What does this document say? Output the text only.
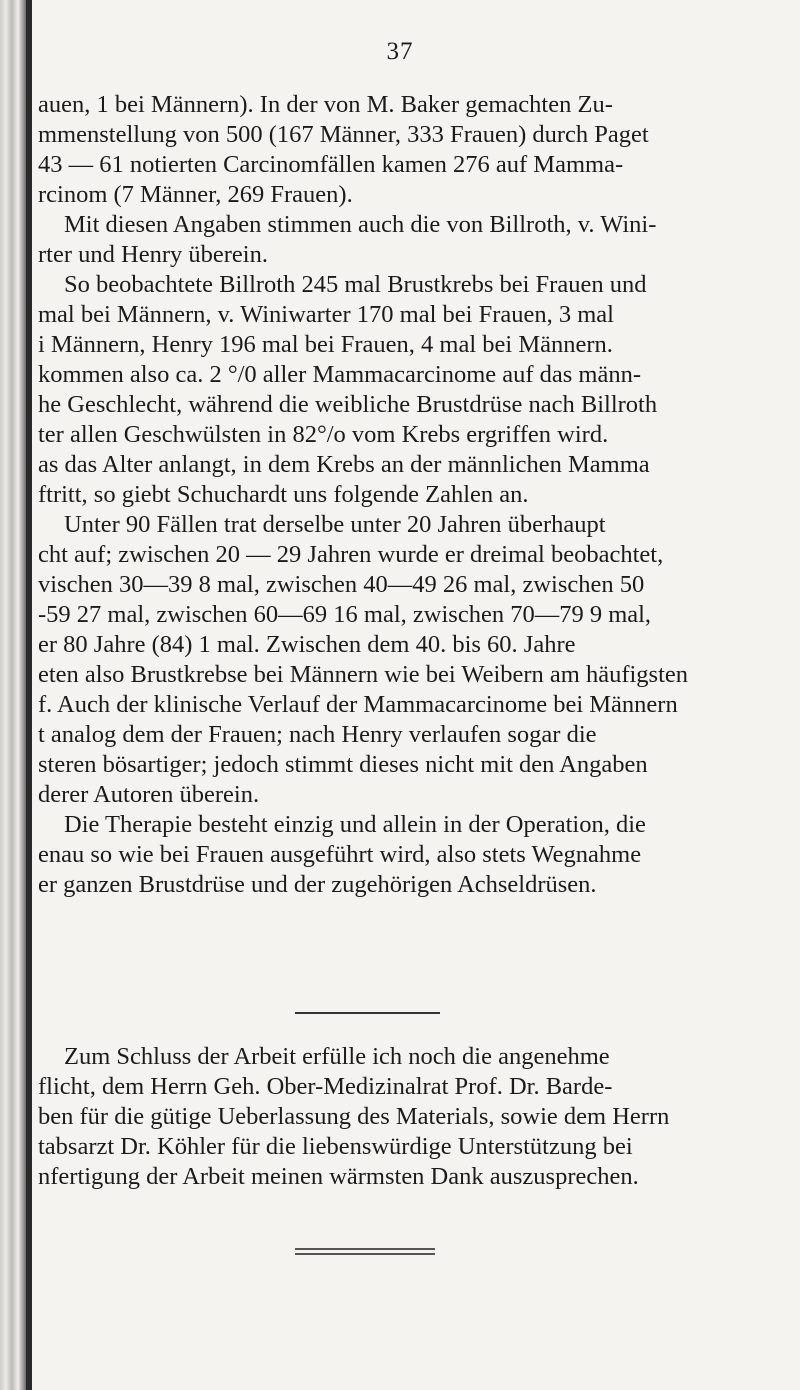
37
auen, 1 bei Männern). In der von M. Baker gemachten Zu-
mmenstellung von 500 (167 Männer, 333 Frauen) durch Paget
43 — 61 notierten Carcinomfällen kamen 276 auf Mamma-
rcinom (7 Männer, 269 Frauen).
Mit diesen Angaben stimmen auch die von Billroth, v. Wini-
rter und Henry überein.
So beobachtete Billroth 245 mal Brustkrebs bei Frauen und
mal bei Männern, v. Winiwarter 170 mal bei Frauen, 3 mal
i Männern, Henry 196 mal bei Frauen, 4 mal bei Männern.
kommen also ca. 2 °/0 aller Mammacarcinome auf das männ-
he Geschlecht, während die weibliche Brustdrüse nach Billroth
ter allen Geschwülsten in 82°/o vom Krebs ergriffen wird.
as das Alter anlangt, in dem Krebs an der männlichen Mamma
ftritt, so giebt Schuchardt uns folgende Zahlen an.
Unter 90 Fällen trat derselbe unter 20 Jahren überhaupt
cht auf; zwischen 20 — 29 Jahren wurde er dreimal beobachtet,
vischen 30—39 8 mal, zwischen 40—49 26 mal, zwischen 50
-59 27 mal, zwischen 60—69 16 mal, zwischen 70—79 9 mal,
er 80 Jahre (84) 1 mal. Zwischen dem 40. bis 60. Jahre
eten also Brustkrebse bei Männern wie bei Weibern am häufigsten
f. Auch der klinische Verlauf der Mammacarcinome bei Männern
t analog dem der Frauen; nach Henry verlaufen sogar die
steren bösartiger; jedoch stimmt dieses nicht mit den Angaben
derer Autoren überein.
Die Therapie besteht einzig und allein in der Operation, die
enau so wie bei Frauen ausgeführt wird, also stets Wegnahme
er ganzen Brustdrüse und der zugehörigen Achseldrüsen.
Zum Schluss der Arbeit erfülle ich noch die angenehme
flicht, dem Herrn Geh. Ober-Medizinalrat Prof. Dr. Barde-
ben für die gütige Ueberlassung des Materials, sowie dem Herrn
tabsarzt Dr. Köhler für die liebenswürdige Unterstützung bei
nfertigung der Arbeit meinen wärmsten Dank auszusprechen.
